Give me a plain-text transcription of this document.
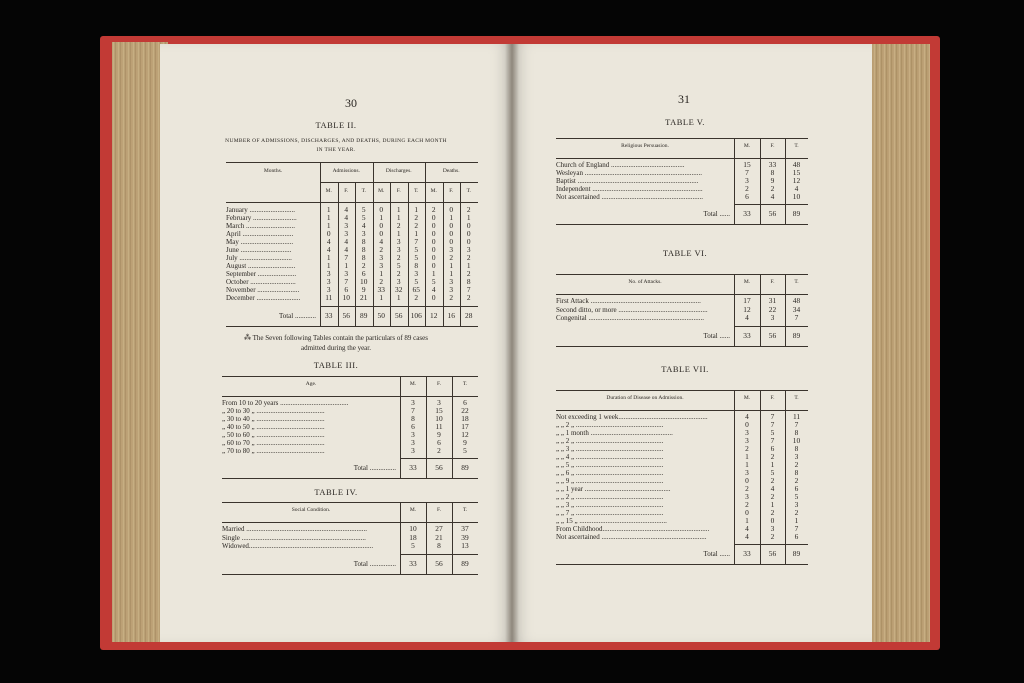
30
TABLE II.
NUMBER OF ADMISSIONS, DISCHARGES, AND DEATHS, DURING EACH MONTH
IN THE YEAR.
Months.	Admissions.
M.	F.	T.
Discharges.
M.	F.	T.
Deaths.
M.	F.	T.
January ..........................	1	4	5	0	1	1	2	0	2
February .........................	1	4	5	1	1	2	0	1	1
March ............................	1	3	4	0	2	2	0	0	0
April .............................	0	3	3	0	1	1	0	0	0
May ..............................	4	4	8	4	3	7	0	0	0
June .............................	4	4	8	2	3	5	0	3	3
July ..............................	1	7	8	3	2	5	0	2	2
August ...........................	1	1	2	3	5	8	0	1	1
September ......................	3	3	6	1	2	3	1	1	2
October ..........................	3	7	10	2	3	5	5	3	8
November ........................	3	6	9	33	32	65	4	3	7
December .........................	11	10	21	1	1	2	0	2	2
Total ............	33	56	89	50	56	106	12	16	28
⁂ The Seven following Tables contain the particulars of 89 cases
admitted during the year.
TABLE III.
Age.	M.	F.	T.
From 10 to 20 years .......................................	3	3	6
„ 20 to 30 „ .......................................	7	15	22
„ 30 to 40 „ .......................................	8	10	18
„ 40 to 50 „ .......................................	6	11	17
„ 50 to 60 „ .......................................	3	9	12
„ 60 to 70 „ .......................................	3	6	9
„ 70 to 80 „ .......................................	3	2	5
Total ...............	33	56	89
TABLE IV.
Social Condition.	M.	F.	T.
Married .....................................................................	10	27	37
Single .......................................................................	18	21	39
Widowed.......................................................................	5	8	13
Total ...............	33	56	89
31
TABLE V.
Religious Persuasion.	M.	F.	T.
Church of England ..........................................	15	33	48
Wesleyan ...................................................................	7	8	15
Baptist .....................................................................	3	9	12
Independent ...............................................................	2	2	4
Not ascertained ..........................................................	6	4	10
Total ......	33	56	89
TABLE VI.
No. of Attacks.	M.	F.	T.
First Attack ...............................................................	17	31	48
Second ditto, or more ...................................................	12	22	34
Congenital ..................................................................	4	3	7
Total ......	33	56	89
TABLE VII.
Duration of Disease on Admission.	M.	F.	T.
Not exceeding 1 week...................................................	4	7	11
„ „ 2 „ ..................................................	0	7	7
„ „ 1 month ...............................................	3	5	8
„ „ 2 „ ..................................................	3	7	10
„ „ 3 „ ..................................................	2	6	8
„ „ 4 „ ..................................................	1	2	3
„ „ 5 „ ..................................................	1	1	2
„ „ 6 „ ..................................................	3	5	8
„ „ 9 „ ..................................................	0	2	2
„ „ 1 year .................................................	2	4	6
„ „ 2 „ ..................................................	3	2	5
„ „ 3 „ ..................................................	2	1	3
„ „ 7 „ ..................................................	0	2	2
„ „ 15 „ ..................................................	1	0	1
From Childhood.............................................................	4	3	7
Not ascertained ............................................................	4	2	6
Total ......	33	56	89
